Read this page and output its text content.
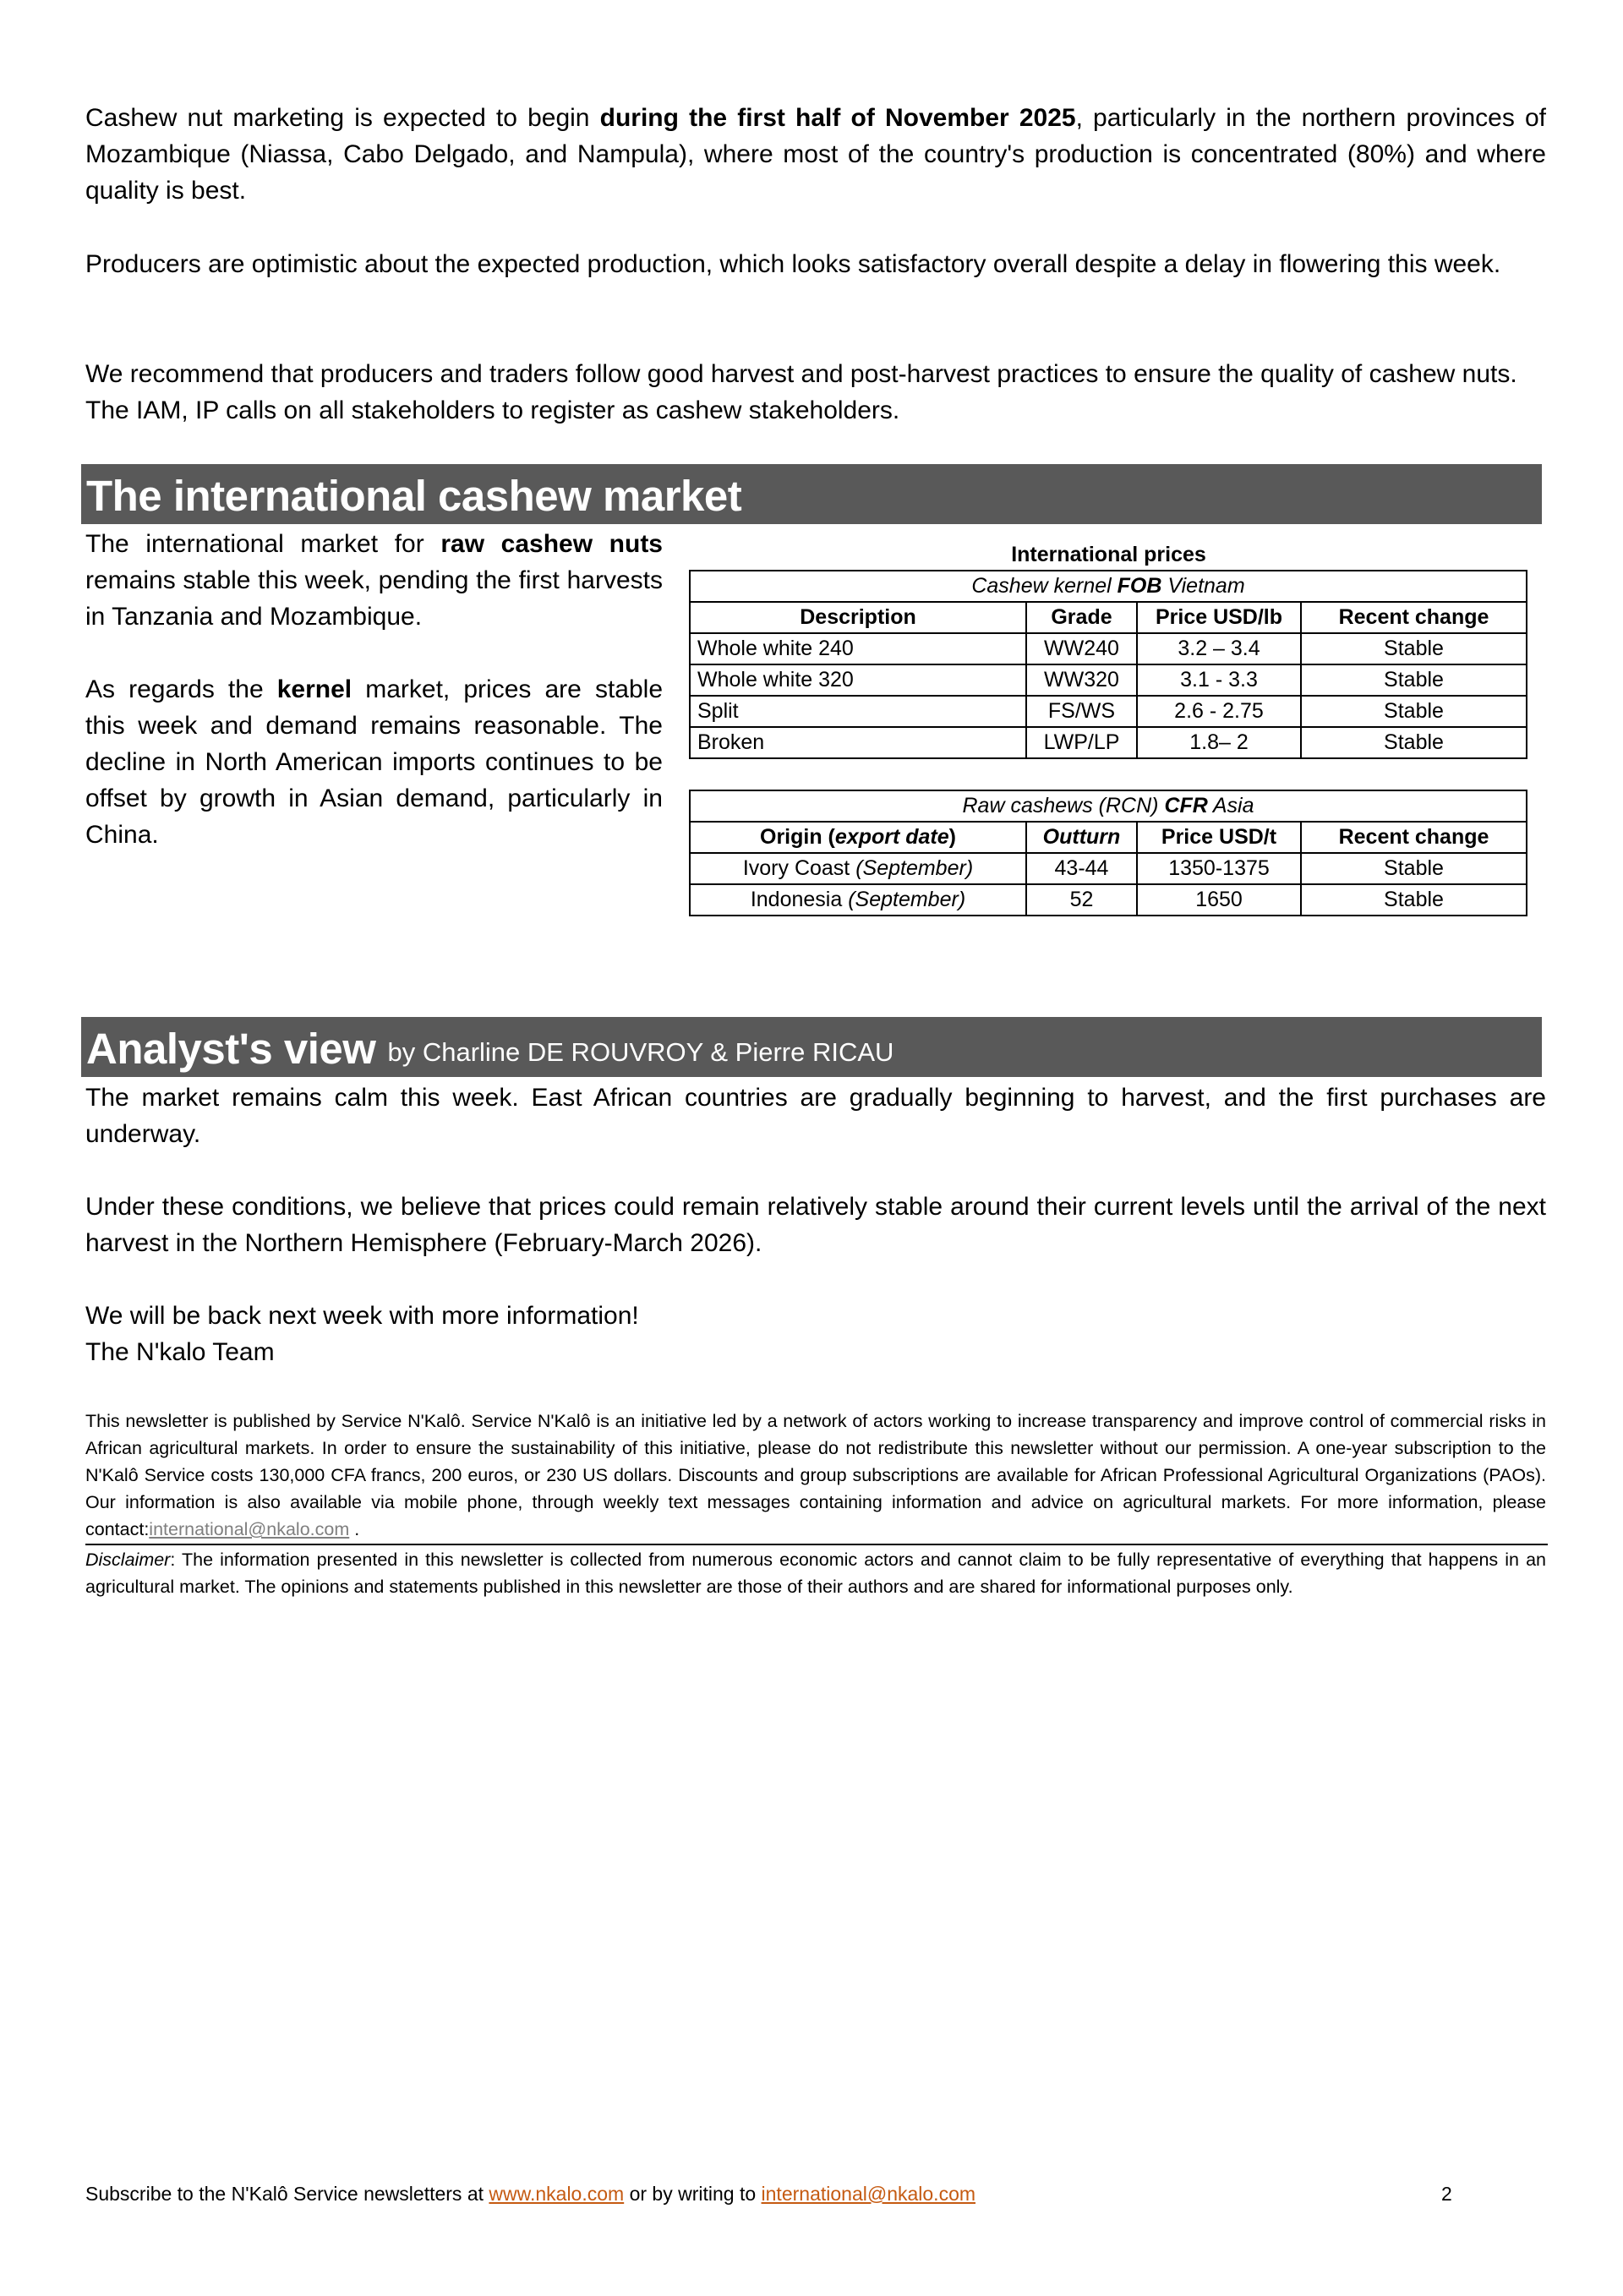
Cashew nut marketing is expected to begin during the first half of November 2025, particularly in the northern provinces of Mozambique (Niassa, Cabo Delgado, and Nampula), where most of the country's production is concentrated (80%) and where quality is best.

Producers are optimistic about the expected production, which looks satisfactory overall despite a delay in flowering this week.

We recommend that producers and traders follow good harvest and post-harvest practices to ensure the quality of cashew nuts. The IAM, IP calls on all stakeholders to register as cashew stakeholders.

The international cashew market

The international market for raw cashew nuts remains stable this week, pending the first harvests in Tanzania and Mozambique.

As regards the kernel market, prices are stable this week and demand remains reasonable. The decline in North American imports continues to be offset by growth in Asian demand, particularly in China.

International prices
Cashew kernel FOB Vietnam			
Description	Grade	Price USD/lb	Recent change
Whole white 240	WW240	3.2 – 3.4	Stable
Whole white 320	WW320	3.1 - 3.3	Stable
Split	FS/WS	2.6 - 2.75	Stable
Broken	LWP/LP	1.8– 2	Stable
Raw cashews (RCN) CFR Asia			
Origin (export date)	Outturn	Price USD/t	Recent change
Ivory Coast (September)	43-44	1350-1375	Stable
Indonesia (September)	52	1650	Stable
Analyst's view by Charline DE ROUVROY & Pierre RICAU

The market remains calm this week. East African countries are gradually beginning to harvest, and the first purchases are underway.

Under these conditions, we believe that prices could remain relatively stable around their current levels until the arrival of the next harvest in the Northern Hemisphere (February-March 2026).

We will be back next week with more information!

The N'kalo Team

This newsletter is published by Service N'Kalô. Service N'Kalô is an initiative led by a network of actors working to increase transparency and improve control of commercial risks in African agricultural markets. In order to ensure the sustainability of this initiative, please do not redistribute this newsletter without our permission. A one-year subscription to the N'Kalô Service costs 130,000 CFA francs, 200 euros, or 230 US dollars. Discounts and group subscriptions are available for African Professional Agricultural Organizations (PAOs). Our information is also available via mobile phone, through weekly text messages containing information and advice on agricultural markets. For more information, please contact:international@nkalo.com .
Disclaimer: The information presented in this newsletter is collected from numerous economic actors and cannot claim to be fully representative of everything that happens in an agricultural market. The opinions and statements published in this newsletter are those of their authors and are shared for informational purposes only.
Subscribe to the N'Kalô Service newsletters at www.nkalo.com or by writing to international@nkalo.com	2
